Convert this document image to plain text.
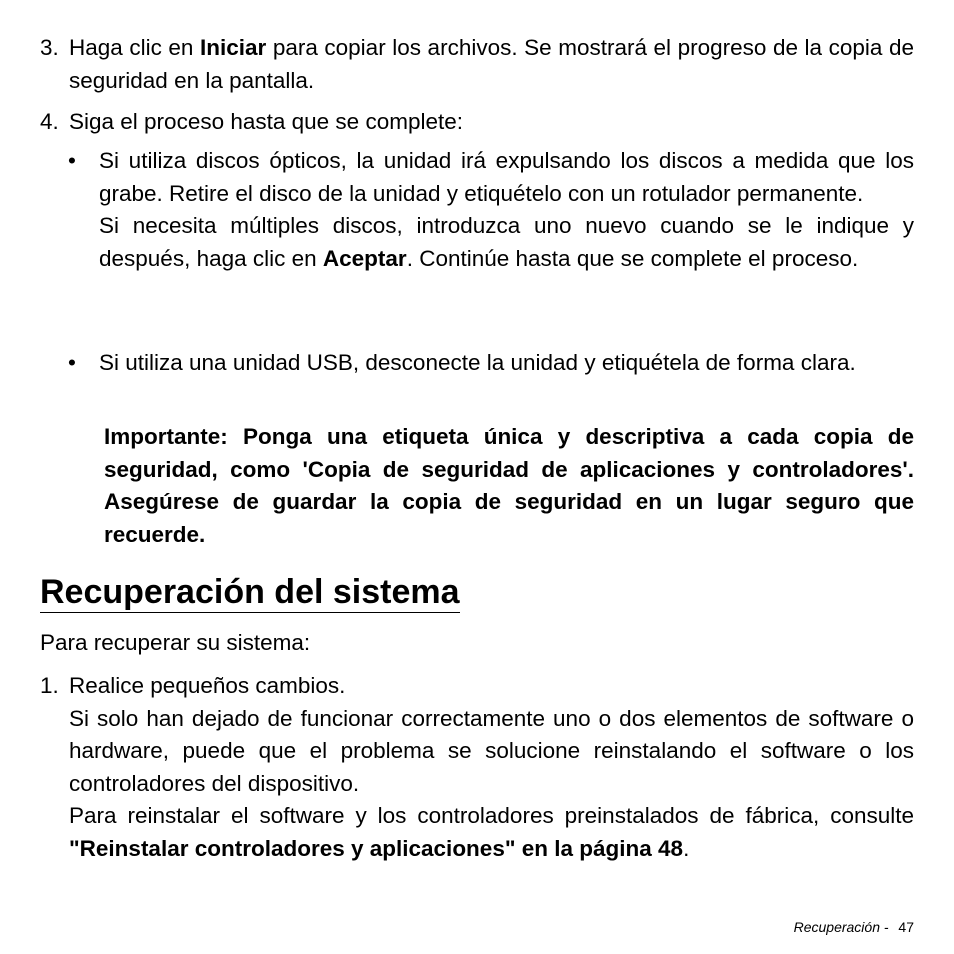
3. Haga clic en Iniciar para copiar los archivos. Se mostrará el progreso de la copia de seguridad en la pantalla.
4. Siga el proceso hasta que se complete:
•	Si utiliza discos ópticos, la unidad irá expulsando los discos a medida que los grabe. Retire el disco de la unidad y etiquételo con un rotulador permanente.
Si necesita múltiples discos, introduzca uno nuevo cuando se le indique y después, haga clic en Aceptar. Continúe hasta que se complete el proceso.
•	Si utiliza una unidad USB, desconecte la unidad y etiquétela de forma clara.
Importante: Ponga una etiqueta única y descriptiva a cada copia de seguridad, como 'Copia de seguridad de aplicaciones y controladores'. Asegúrese de guardar la copia de seguridad en un lugar seguro que recuerde.
Recuperación del sistema
Para recuperar su sistema:
1. Realice pequeños cambios.
Si solo han dejado de funcionar correctamente uno o dos elementos de software o hardware, puede que el problema se solucione reinstalando el software o los controladores del dispositivo.
Para reinstalar el software y los controladores preinstalados de fábrica, consulte "Reinstalar controladores y aplicaciones" en la página 48.
Recuperación - 47
